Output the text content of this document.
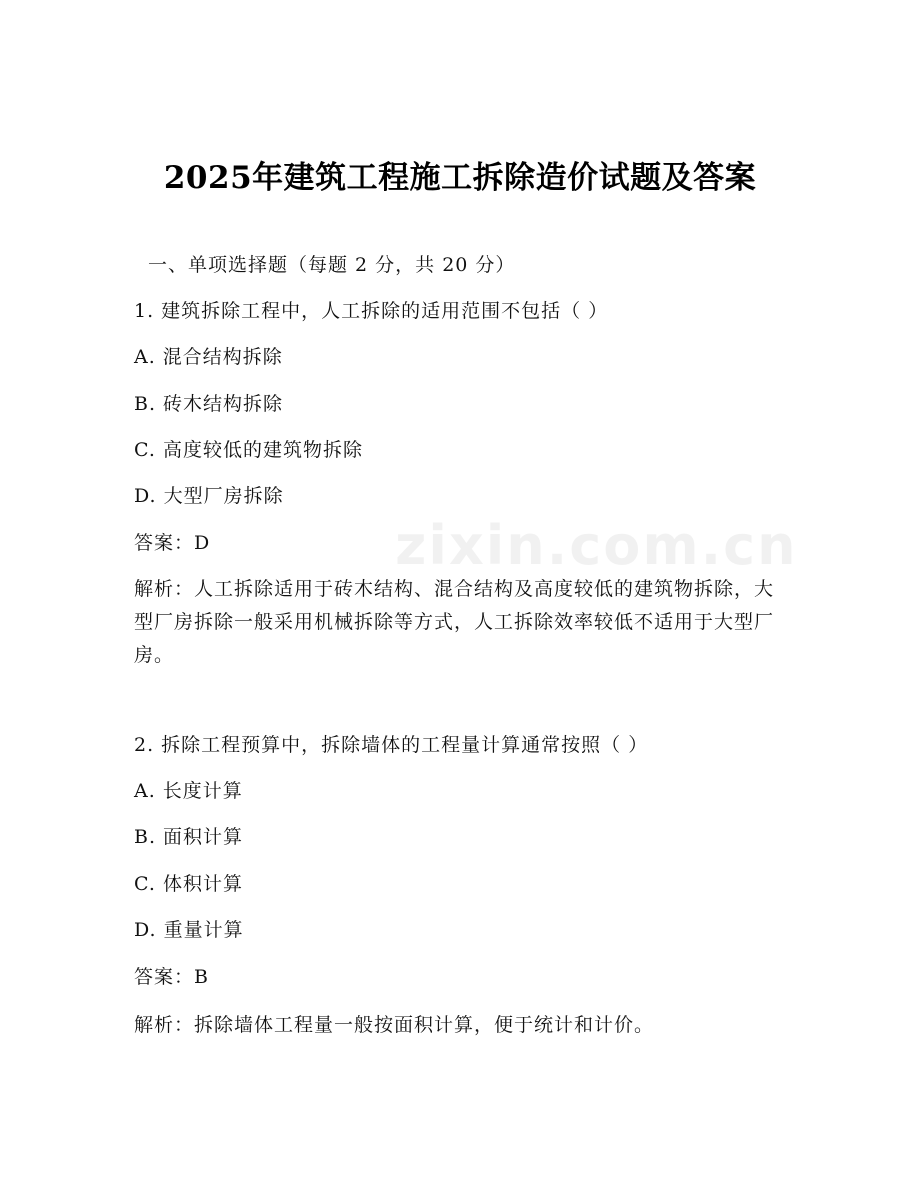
zixin.com.cn
2025年建筑工程施工拆除造价试题及答案
一、单项选择题（每题 2 分，共 20 分）
1. 建筑拆除工程中，人工拆除的适用范围不包括（ ）
A. 混合结构拆除
B. 砖木结构拆除
C. 高度较低的建筑物拆除
D. 大型厂房拆除
答案：D
解析：人工拆除适用于砖木结构、混合结构及高度较低的建筑物拆除，大型厂房拆除一般采用机械拆除等方式，人工拆除效率较低不适用于大型厂房。
2. 拆除工程预算中，拆除墙体的工程量计算通常按照（ ）
A. 长度计算
B. 面积计算
C. 体积计算
D. 重量计算
答案：B
解析：拆除墙体工程量一般按面积计算，便于统计和计价。
